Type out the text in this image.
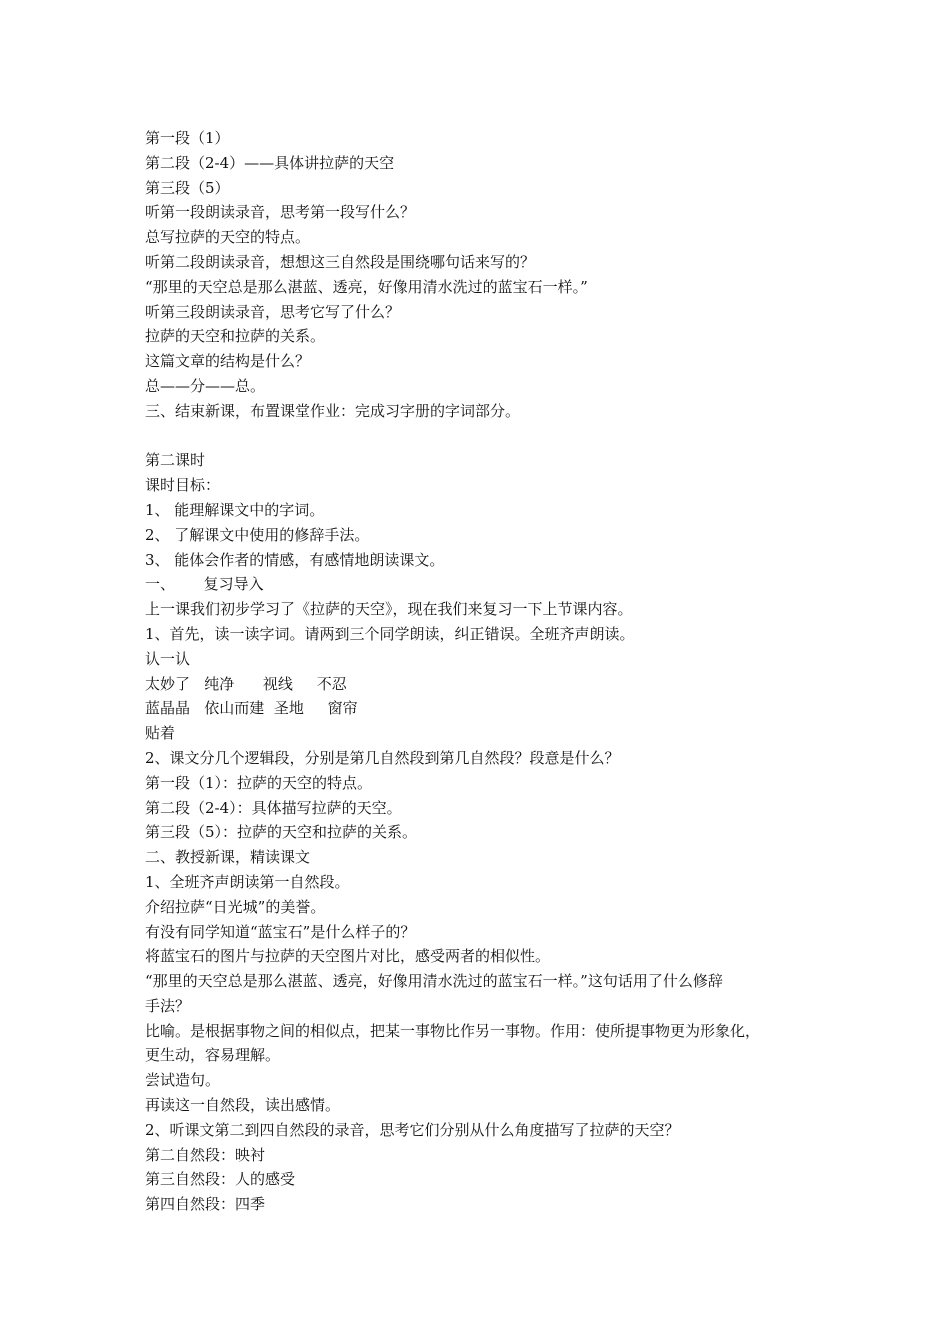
第一段（1）

第二段（2-4）——具体讲拉萨的天空

第三段（5）

听第一段朗读录音，思考第一段写什么？

总写拉萨的天空的特点。

听第二段朗读录音，想想这三自然段是围绕哪句话来写的？

“那里的天空总是那么湛蓝、透亮，好像用清水洗过的蓝宝石一样。”

听第三段朗读录音，思考它写了什么？

拉萨的天空和拉萨的关系。

这篇文章的结构是什么？

总——分——总。

三、结束新课，布置课堂作业：完成习字册的字词部分。

第二课时

课时目标：

1、 能理解课文中的字词。

2、 了解课文中使用的修辞手法。

3、 能体会作者的情感，有感情地朗读课文。

一、      复习导入

上一课我们初步学习了《拉萨的天空》，现在我们来复习一下上节课内容。

1、首先，读一读字词。请两到三个同学朗读，纠正错误。全班齐声朗读。

认一认

太妙了   纯净      视线     不忍

蓝晶晶   依山而建  圣地     窗帘

贴着

2、课文分几个逻辑段，分别是第几自然段到第几自然段？段意是什么？

第一段（1）：拉萨的天空的特点。

第二段（2-4）：具体描写拉萨的天空。

第三段（5）：拉萨的天空和拉萨的关系。

二、教授新课，精读课文

1、全班齐声朗读第一自然段。

介绍拉萨“日光城”的美誉。

有没有同学知道“蓝宝石”是什么样子的？

将蓝宝石的图片与拉萨的天空图片对比，感受两者的相似性。

“那里的天空总是那么湛蓝、透亮，好像用清水洗过的蓝宝石一样。”这句话用了什么修辞

手法？

比喻。是根据事物之间的相似点，把某一事物比作另一事物。作用：使所提事物更为形象化，

更生动，容易理解。

尝试造句。

再读这一自然段，读出感情。

2、听课文第二到四自然段的录音，思考它们分别从什么角度描写了拉萨的天空？

第二自然段：映衬

第三自然段：人的感受

第四自然段：四季
